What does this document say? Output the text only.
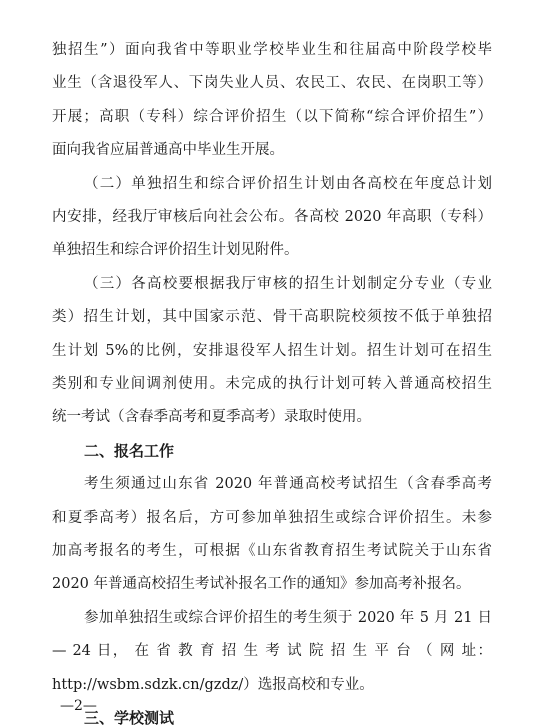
独招生”）面向我省中等职业学校毕业生和往届高中阶段学校毕
业生（含退役军人、下岗失业人员、农民工、农民、在岗职工等）
开展；高职（专科）综合评价招生（以下简称“综合评价招生”）
面向我省应届普通高中毕业生开展。
（二）单独招生和综合评价招生计划由各高校在年度总计划
内安排，经我厅审核后向社会公布。各高校 2020 年高职（专科）
单独招生和综合评价招生计划见附件。
（三）各高校要根据我厅审核的招生计划制定分专业（专业
类）招生计划，其中国家示范、骨干高职院校须按不低于单独招
生计划 5%的比例，安排退役军人招生计划。招生计划可在招生
类别和专业间调剂使用。未完成的执行计划可转入普通高校招生
统一考试（含春季高考和夏季高考）录取时使用。
二、报名工作
考生须通过山东省 2020 年普通高校考试招生（含春季高考
和夏季高考）报名后，方可参加单独招生或综合评价招生。未参
加高考报名的考生，可根据《山东省教育招生考试院关于山东省
2020 年普通高校招生考试补报名工作的通知》参加高考补报名。
参加单独招生或综合评价招生的考生须于 2020 年 5 月 21 日
— 24 日， 在 省 教 育 招 生 考 试 院 招 生 平 台 （ 网 址：
http://wsbm.sdzk.cn/gzdz/）选报高校和专业。
三、学校测试
—2—
